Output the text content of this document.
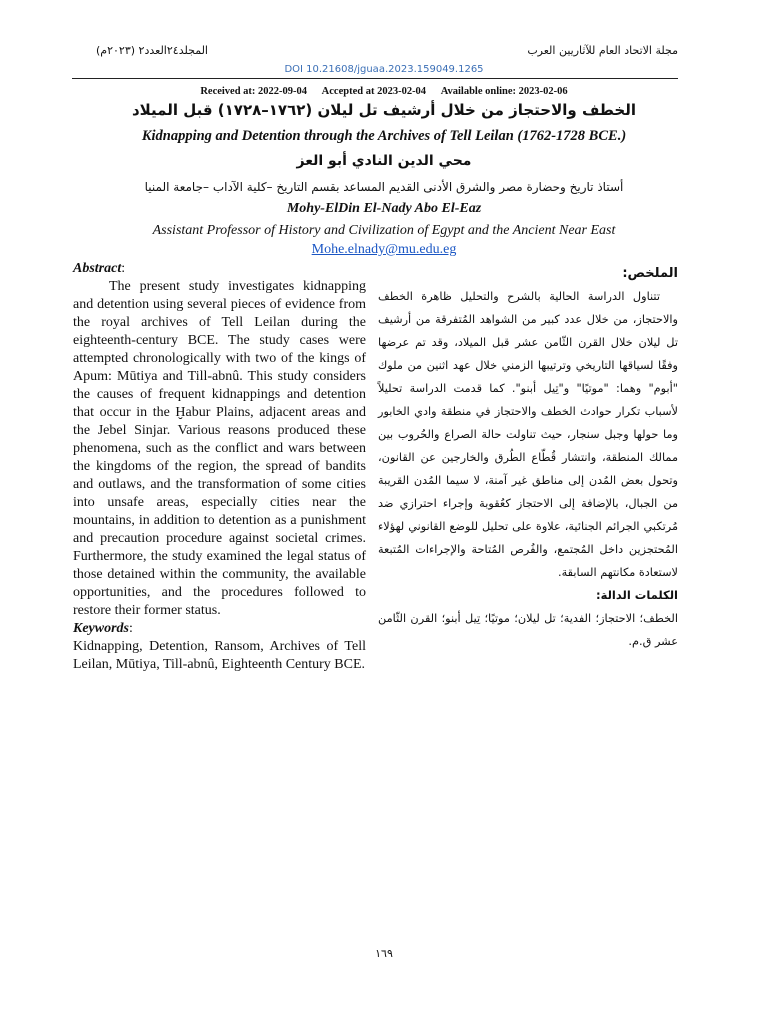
المجلد٢٤العدد٢ (٢٠٢٣م)	مجلة الاتحاد العام للآثاريين العرب
DOI 10.21608/jguaa.2023.159049.1265
Received at: 2022-09-04 Accepted at 2023-02-04 Available online: 2023-02-06
الخطف والاحتجاز من خلال أرشيف تل ليلان (١٧٦٢–١٧٢٨) قبل الميلاد
Kidnapping and Detention through the Archives of Tell Leilan (1762-1728 BCE.)
محي الدين النادي أبو العز
أستاذ تاريخ وحضارة مصر والشرق الأدنى القديم المساعد بقسم التاريخ –كلية الآداب –جامعة المنيا
Mohy-ElDin El-Nady Abo El-Eaz
Assistant Professor of History and Civilization of Egypt and the Ancient Near East
Mohe.elnady@mu.edu.eg
Abstract:

The present study investigates kidnapping and detention using several pieces of evidence from the royal archives of Tell Leilan during the eighteenth-century BCE. The study cases were attempted chronologically with two of the kings of Apum: Mūtiya and Till-abnû. This study considers the causes of frequent kidnappings and detention that occur in the Ḫabur Plains, adjacent areas and the Jebel Sinjar. Various reasons produced these phenomena, such as the conflict and wars between the kingdoms of the region, the spread of bandits and outlaws, and the transformation of some cities into unsafe areas, especially cities near the mountains, in addition to detention as a punishment and precaution procedure against societal crimes. Furthermore, the study examined the legal status of those detained within the community, the available opportunities, and the procedures followed to restore their former status.

Keywords:

Kidnapping, Detention, Ransom, Archives of Tell Leilan, Mūtiya, Till-abnû, Eighteenth Century BCE.

الملخص:

تتناول الدراسة الحالية بالشرح والتحليل ظاهرة الخطف والاحتجاز، من خلال عدد كبير من الشواهد المُتفرقة من أرشيف تل ليلان خلال القرن الثّامن عشر قبل الميلاد، وقد تم عرضها وفقًا لسياقها التاريخي وترتيبها الزمني خلال عهد اثنين من ملوك "أبوم" وهما: "موتيًا" و"تِيل أبنو". كما قدمت الدراسة تحليلاً لأسباب تكرار حوادث الخطف والاحتجاز في منطقة وادي الخابور وما حولها وجبل سنجار، حيث تناولت حالة الصراع والحُروب بين ممالك المنطقة، وانتشار قُطّاع الطُرق والخارجين عن القانون، وتحول بعض المُدن إلى مناطق غير آمنة، لا سيما المُدن القريبة من الجبال، بالإضافة إلى الاحتجاز كعُقوبة وإجراء احترازي ضد مُرتكبي الجرائم الجنائية، علاوة على تحليل للوضع القانوني لهؤلاء المُحتجزين داخل المُجتمع، والفُرص المُتاحة والإجراءات المُتبعة لاستعادة مكانتهم السابقة.

الكلمات الدالة:

الخطف؛ الاحتجاز؛ الفدية؛ تل ليلان؛ موتيًا؛ تِيل أبنو؛ القرن الثّامن عشر ق.م.

١٦٩
